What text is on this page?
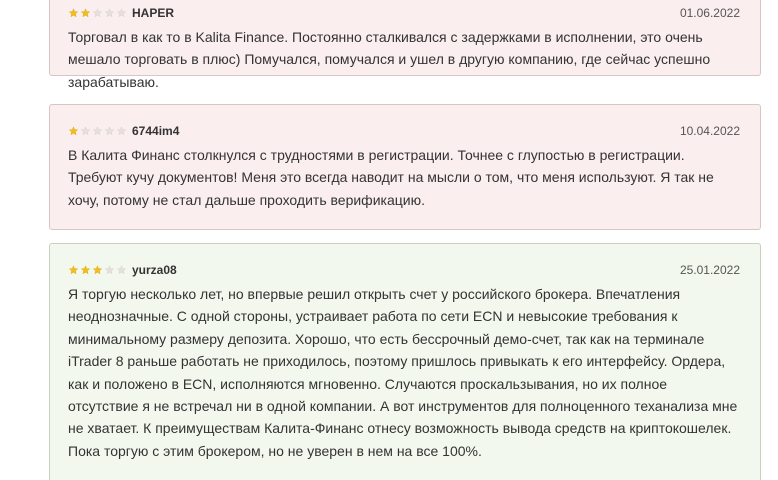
HAPER	01.06.2022

Торговал в как то в Kalita Finance. Постоянно сталкивался с задержками в исполнении, это очень мешало торговать в плюс) Помучался, помучался и ушел в другую компанию, где сейчас успешно зарабатываю.

6744im4	10.04.2022

В Калита Финанс столкнулся с трудностями в регистрации. Точнее с глупостью в регистрации. Требуют кучу документов! Меня это всегда наводит на мысли о том, что меня используют. Я так не хочу, потому не стал дальше проходить верификацию.

yurza08	25.01.2022

Я торгую несколько лет, но впервые решил открыть счет у российского брокера. Впечатления неоднозначные. С одной стороны, устраивает работа по сети ECN и невысокие требования к минимальному размеру депозита. Хорошо, что есть бессрочный демо-счет, так как на терминале iTrader 8 раньше работать не приходилось, поэтому пришлось привыкать к его интерфейсу. Ордера, как и положено в ECN, исполняются мгновенно. Случаются проскальзывания, но их полное отсутствие я не встречал ни в одной компании. А вот инструментов для полноценного теханализа мне не хватает. К преимуществам Калита-Финанс отнесу возможность вывода средств на криптокошелек. Пока торгую с этим брокером, но не уверен в нем на все 100%.
